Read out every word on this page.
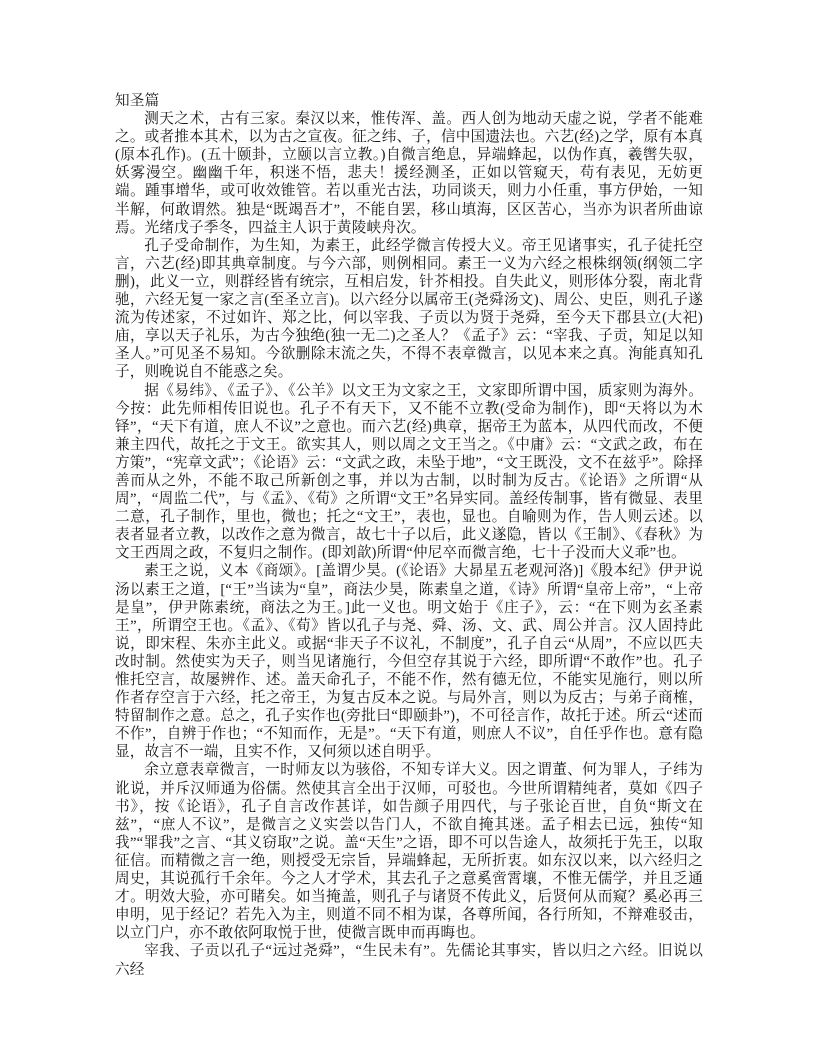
知圣篇

测天之术，古有三家。秦汉以来，惟传浑、盖。西人创为地动天虚之说，学者不能难之。或者推本其术，以为古之宣夜。征之纬、子，信中国遗法也。六艺(经)之学，原有本真(原本孔作)。(五十颐卦，立颐以言立教。)自微言绝息，异端蜂起，以伪作真，羲辔失驭，妖雾漫空。幽幽千年，积迷不悟，悲夫！援经测圣，正如以管窥天，苟有表见，无妨更端。踵事增华，或可收效锥管。若以重光古法，功同谈天，则力小任重，事方伊始，一知半解，何敢谓然。独是“既竭吾才”，不能自罢，移山填海，区区苦心，当亦为识者所曲谅焉。光绪戊子季冬，四益主人识于黄陵峡舟次。

孔子受命制作，为生知，为素王，此经学微言传授大义。帝王见诸事实，孔子徒托空言，六艺(经)即其典章制度。与今六部，则例相同。素王一义为六经之根株纲领(纲领二字删)，此义一立，则群经皆有统宗，互相启发，针芥相投。自失此义，则形体分裂，南北背驰，六经无复一家之言(至圣立言)。以六经分以属帝王(尧舜汤文)、周公、史臣，则孔子遂流为传述家，不过如许、郑之比，何以宰我、子贡以为贤于尧舜，至今天下郡县立(大祀)庙，享以天子礼乐，为古今独绝(独一无二)之圣人？《孟子》云：“宰我、子贡，知足以知圣人。”可见圣不易知。今欲删除末流之失，不得不表章微言，以见本来之真。洵能真知孔子，则晚说自不能惑之矣。

据《易纬》、《孟子》、《公羊》以文王为文家之王，文家即所谓中国，质家则为海外。今按：此先师相传旧说也。孔子不有天下，又不能不立教(受命为制作)，即“天将以为木铎”，“天下有道，庶人不议”之意也。而六艺(经)典章，据帝王为蓝本，从四代而改，不便兼主四代，故托之于文王。欲实其人，则以周之文王当之。《中庸》云：“文武之政，布在方策”，“宪章文武”；《论语》云：“文武之政，未坠于地”，“文王既没，文不在兹乎”。除择善而从之外，不能不取己所新创之事，并以为古制，以时制为反古。《论语》之所谓“从周”，“周监二代”，与《孟》、《荀》之所谓“文王”名异实同。盖经传制事，皆有微显、表里二意，孔子制作，里也，微也；托之“文王”，表也，显也。自喻则为作，告人则云述。以表者显者立教，以改作之意为微言，故七十子以后，此义遂隐，皆以《王制》、《春秋》为文王西周之政，不复归之制作。(即刘歆)所谓“仲尼卒而微言绝，七十子没而大义乖”也。

素王之说，义本《商颂》。[盖谓少昊。(《论语》大昴星五老观河洛)]《殷本纪》伊尹说汤以素王之道，[“王”当读为“皇”，商法少昊，陈素皇之道，《诗》所谓“皇帝上帝”，“上帝是皇”，伊尹陈素统，商法之为王。]此一义也。明文始于《庄子》，云：“在下则为玄圣素王”，所谓空王也。《孟》、《荀》皆以孔子与尧、舜、汤、文、武、周公并言。汉人固持此说，即宋程、朱亦主此义。或据“非天子不议礼，不制度”，孔子自云“从周”，不应以匹夫改时制。然使实为天子，则当见诸施行，今但空存其说于六经，即所谓“不敢作”也。孔子惟托空言，故屡辨作、述。盖天命孔子，不能不作，然有德无位，不能实见施行，则以所作者存空言于六经，托之帝王，为复古反本之说。与局外言，则以为反古；与弟子商榷，特留制作之意。总之，孔子实作也(旁批曰“即颐卦”)，不可径言作，故托于述。所云“述而不作”，自辨于作也；“不知而作，无是”。“天下有道，则庶人不议”，自任乎作也。意有隐显，故言不一端，且实不作，又何须以述自明乎。

余立意表章微言，一时师友以为骇俗，不知专详大义。因之谓董、何为罪人，子纬为讹说，并斥汉师通为俗儒。然使其言全出于汉师，可驳也。今世所谓精纯者，莫如《四子书》，按《论语》，孔子自言改作甚详，如告颜子用四代，与子张论百世，自负“斯文在兹”，“庶人不议”，是微言之义实尝以告门人，不欲自掩其迷。孟子相去已远，独传“知我”“罪我”之言、“其义窃取”之说。盖“天生”之语，即不可以告途人，故须托于先王，以取征信。而精微之言一绝，则授受无宗旨，异端蜂起，无所折衷。如东汉以来，以六经归之周史，其说孤行千余年。今之人才学术，其去孔子之意奚啻霄壤，不惟无儒学，并且乏通才。明效大验，亦可睹矣。如当掩盖，则孔子与诸贤不传此义，后贤何从而窥？奚必再三申明，见于经记？若先入为主，则道不同不相为谋，各尊所闻，各行所知，不辩难驳击，以立门户，亦不敢依阿取悦于世，使微言既申而再晦也。

宰我、子贡以孔子“远过尧舜”，“生民未有”。先儒论其事实，皆以归之六经。旧说以六经
